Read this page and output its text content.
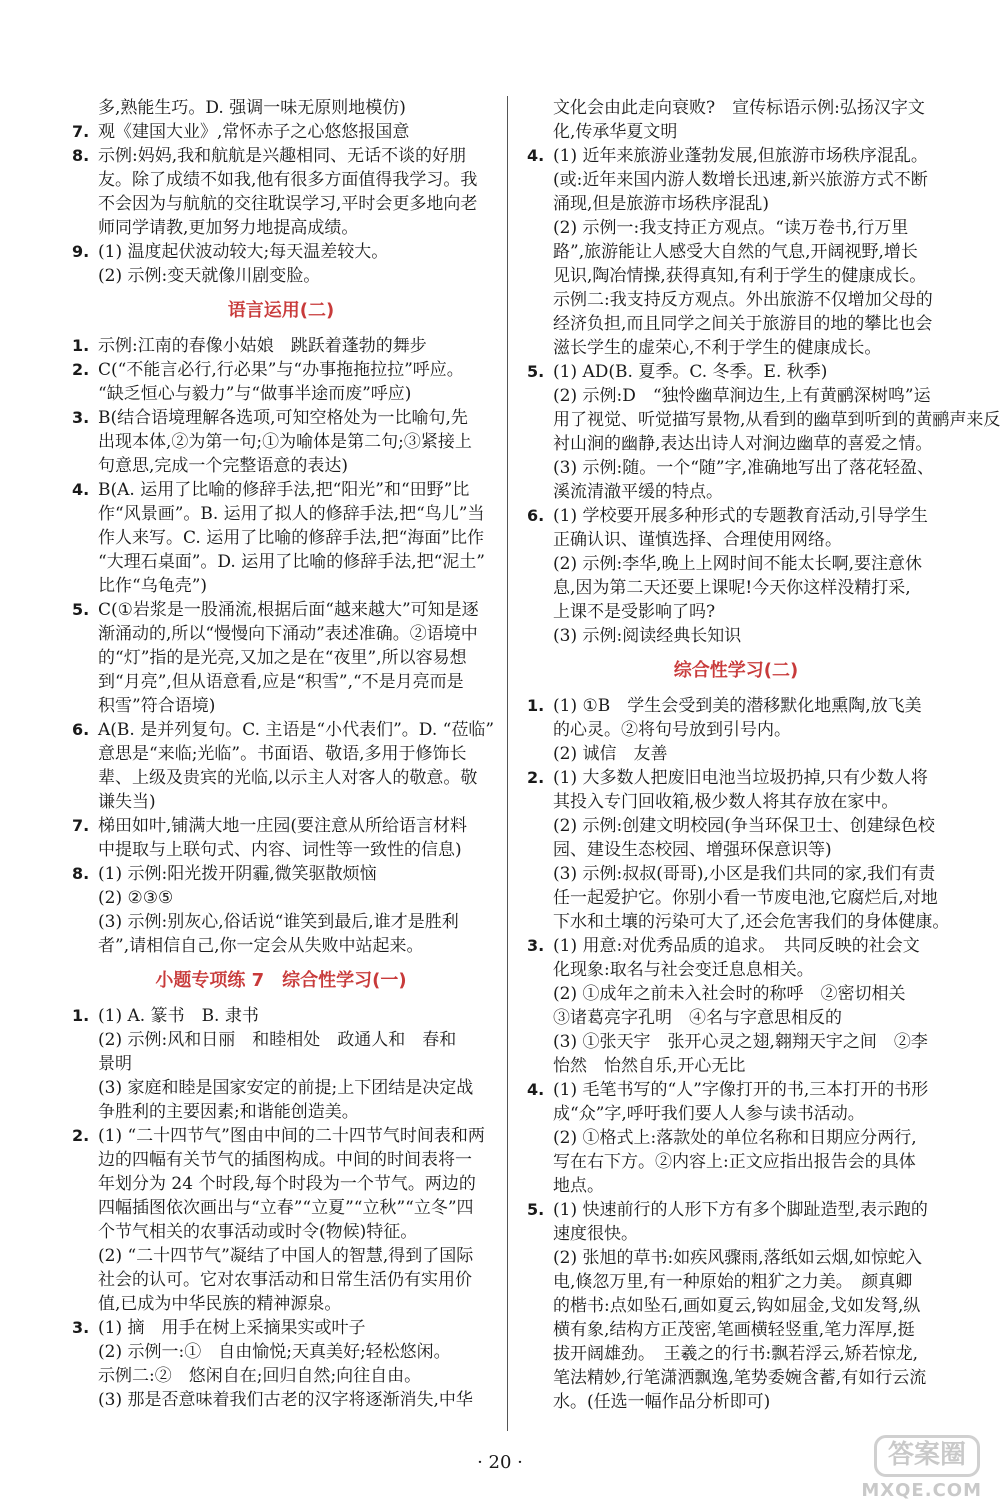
多,熟能生巧。D. 强调一味无原则地模仿)
7. 观《建国大业》,常怀赤子之心悠悠报国意
8. 示例:妈妈,我和航航是兴趣相同、无话不谈的好朋
友。除了成绩不如我,他有很多方面值得我学习。我
不会因为与航航的交往耽误学习,平时会更多地向老
师同学请教,更加努力地提高成绩。
9. (1) 温度起伏波动较大;每天温差较大。
(2) 示例:变天就像川剧变脸。
语言运用(二)
1. 示例:江南的春像小姑娘　跳跃着蓬勃的舞步
2. C(“不能言必行,行必果”与“办事拖拖拉拉”呼应。
“缺乏恒心与毅力”与“做事半途而废”呼应)
3. B(结合语境理解各选项,可知空格处为一比喻句,先
出现本体,②为第一句;①为喻体是第二句;③紧接上
句意思,完成一个完整语意的表达)
4. B(A. 运用了比喻的修辞手法,把“阳光”和“田野”比
作“风景画”。B. 运用了拟人的修辞手法,把“鸟儿”当
作人来写。C. 运用了比喻的修辞手法,把“海面”比作
“大理石桌面”。D. 运用了比喻的修辞手法,把“泥土”
比作“乌龟壳”)
5. C(①岩浆是一股涌流,根据后面“越来越大”可知是逐
渐涌动的,所以“慢慢向下涌动”表述准确。②语境中
的“灯”指的是光亮,又加之是在“夜里”,所以容易想
到“月亮”,但从语意看,应是“积雪”,“不是月亮而是
积雪”符合语境)
6. A(B. 是并列复句。C. 主语是“小代表们”。D. “莅临”
意思是“来临;光临”。书面语、敬语,多用于修饰长
辈、上级及贵宾的光临,以示主人对客人的敬意。敬
谦失当)
7. 梯田如叶,铺满大地一庄园(要注意从所给语言材料
中提取与上联句式、内容、词性等一致性的信息)
8. (1) 示例:阳光拨开阴霾,微笑驱散烦恼
(2) ②③⑤
(3) 示例:别灰心,俗话说“谁笑到最后,谁才是胜利
者”,请相信自己,你一定会从失败中站起来。
小题专项练 7　综合性学习(一)
1. (1) A. 篆书　B. 隶书
(2) 示例:风和日丽　和睦相处　政通人和　春和
景明
(3) 家庭和睦是国家安定的前提;上下团结是决定战
争胜利的主要因素;和谐能创造美。
2. (1) “二十四节气”图由中间的二十四节气时间表和两
边的四幅有关节气的插图构成。中间的时间表将一
年划分为 24 个时段,每个时段为一个节气。两边的
四幅插图依次画出与“立春”“立夏”“立秋”“立冬”四
个节气相关的农事活动或时令(物候)特征。
(2) “二十四节气”凝结了中国人的智慧,得到了国际
社会的认可。它对农事活动和日常生活仍有实用价
值,已成为中华民族的精神源泉。
3. (1) 摘　用手在树上采摘果实或叶子
(2) 示例一:①　自由愉悦;天真美好;轻松悠闲。
示例二:②　悠闲自在;回归自然;向往自由。
(3) 那是否意味着我们古老的汉字将逐渐消失,中华
文化会由此走向衰败?　宣传标语示例:弘扬汉字文
化,传承华夏文明
4. (1) 近年来旅游业蓬勃发展,但旅游市场秩序混乱。
(或:近年来国内游人数增长迅速,新兴旅游方式不断
涌现,但是旅游市场秩序混乱)
(2) 示例一:我支持正方观点。“读万卷书,行万里
路”,旅游能让人感受大自然的气息,开阔视野,增长
见识,陶冶情操,获得真知,有利于学生的健康成长。
示例二:我支持反方观点。外出旅游不仅增加父母的
经济负担,而且同学之间关于旅游目的地的攀比也会
滋长学生的虚荣心,不利于学生的健康成长。
5. (1) AD(B. 夏季。C. 冬季。E. 秋季)
(2) 示例:D　“独怜幽草涧边生,上有黄鹂深树鸣”运
用了视觉、听觉描写景物,从看到的幽草到听到的黄鹂声来反
衬山涧的幽静,表达出诗人对涧边幽草的喜爱之情。
(3) 示例:随。一个“随”字,准确地写出了落花轻盈、
溪流清澈平缓的特点。
6. (1) 学校要开展多种形式的专题教育活动,引导学生
正确认识、谨慎选择、合理使用网络。
(2) 示例:李华,晚上上网时间不能太长啊,要注意休
息,因为第二天还要上课呢!今天你这样没精打采,
上课不是受影响了吗?
(3) 示例:阅读经典长知识
综合性学习(二)
1. (1) ①B　学生会受到美的潜移默化地熏陶,放飞美
的心灵。②将句号放到引号内。
(2) 诚信　友善
2. (1) 大多数人把废旧电池当垃圾扔掉,只有少数人将
其投入专门回收箱,极少数人将其存放在家中。
(2) 示例:创建文明校园(争当环保卫士、创建绿色校
园、建设生态校园、增强环保意识等)
(3) 示例:叔叔(哥哥),小区是我们共同的家,我们有责
任一起爱护它。你别小看一节废电池,它腐烂后,对地
下水和土壤的污染可大了,还会危害我们的身体健康。
3. (1) 用意:对优秀品质的追求。　共同反映的社会文
化现象:取名与社会变迁息息相关。
(2) ①成年之前未入社会时的称呼　②密切相关
③诸葛亮字孔明　④名与字意思相反的
(3) ①张天宇　张开心灵之翅,翱翔天宇之间　②李
怡然　怡然自乐,开心无比
4. (1) 毛笔书写的“人”字像打开的书,三本打开的书形
成“众”字,呼吁我们要人人参与读书活动。
(2) ①格式上:落款处的单位名称和日期应分两行,
写在右下方。②内容上:正文应指出报告会的具体
地点。
5. (1) 快速前行的人形下方有多个脚趾造型,表示跑的
速度很快。
(2) 张旭的草书:如疾风骤雨,落纸如云烟,如惊蛇入
电,倏忽万里,有一种原始的粗犷之力美。　颜真卿
的楷书:点如坠石,画如夏云,钩如屈金,戈如发弩,纵
横有象,结构方正茂密,笔画横轻竖重,笔力浑厚,挺
拔开阔雄劲。　王羲之的行书:飘若浮云,矫若惊龙,
笔法精妙,行笔潇洒飘逸,笔势委婉含蓄,有如行云流
水。(任选一幅作品分析即可)
· 20 ·	答案圈
MXQE.COM
